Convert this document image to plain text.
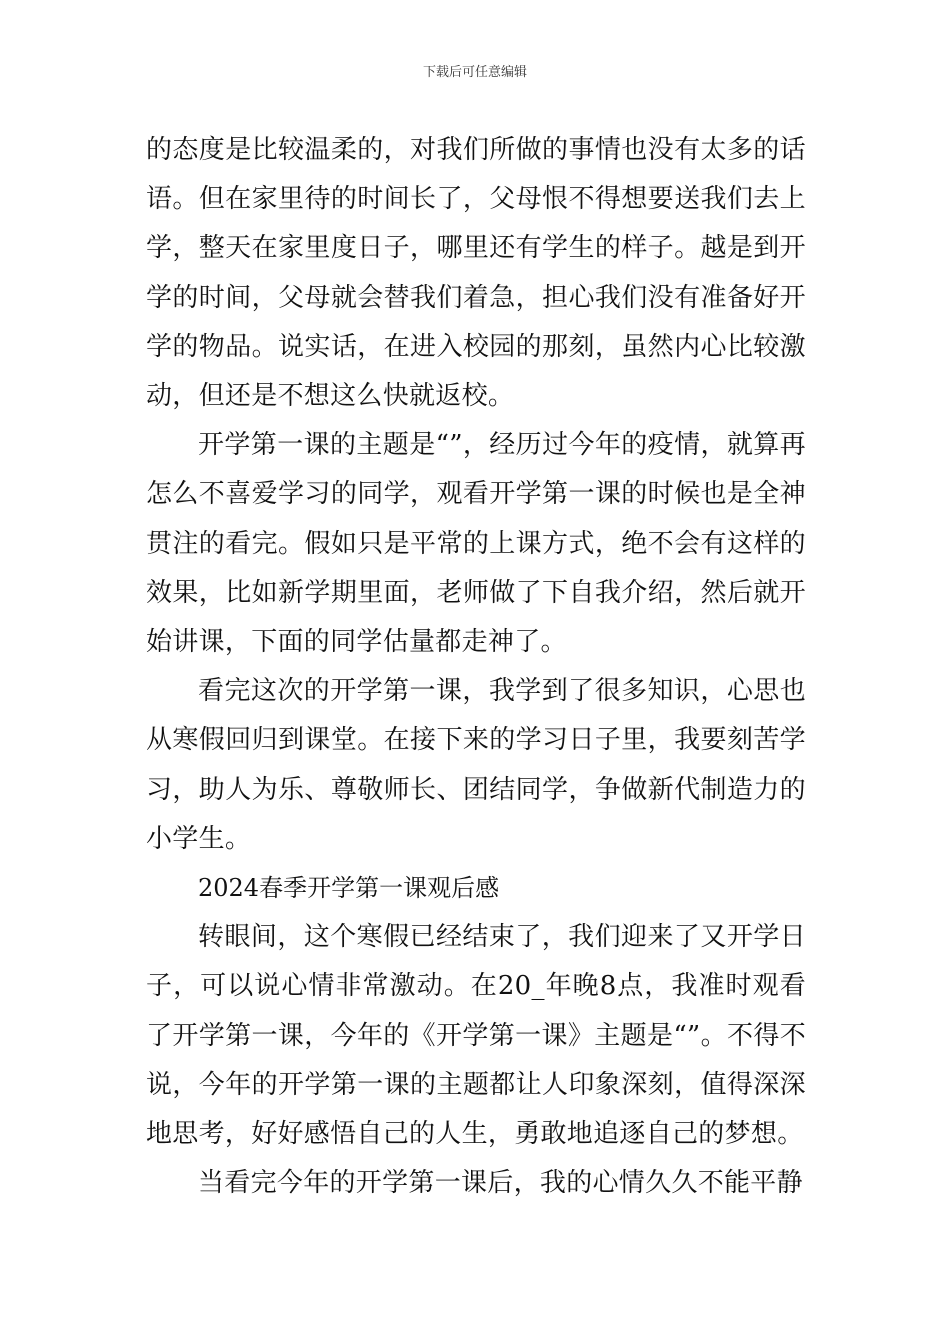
下载后可任意编辑

的态度是比较温柔的，对我们所做的事情也没有太多的话语。但在家里待的时间长了，父母恨不得想要送我们去上学，整天在家里度日子，哪里还有学生的样子。越是到开学的时间，父母就会替我们着急，担心我们没有准备好开学的物品。说实话，在进入校园的那刻，虽然内心比较激动，但还是不想这么快就返校。

开学第一课的主题是“”，经历过今年的疫情，就算再怎么不喜爱学习的同学，观看开学第一课的时候也是全神贯注的看完。假如只是平常的上课方式，绝不会有这样的效果，比如新学期里面，老师做了下自我介绍，然后就开始讲课，下面的同学估量都走神了。

看完这次的开学第一课，我学到了很多知识，心思也从寒假回归到课堂。在接下来的学习日子里，我要刻苦学习，助人为乐、尊敬师长、团结同学，争做新代制造力的小学生。

2024春季开学第一课观后感

转眼间，这个寒假已经结束了，我们迎来了又开学日子，可以说心情非常激动。在20_年晚8点，我准时观看了开学第一课，今年的《开学第一课》主题是“”。不得不说，今年的开学第一课的主题都让人印象深刻，值得深深地思考，好好感悟自己的人生，勇敢地追逐自己的梦想。

当看完今年的开学第一课后，我的心情久久不能平静
